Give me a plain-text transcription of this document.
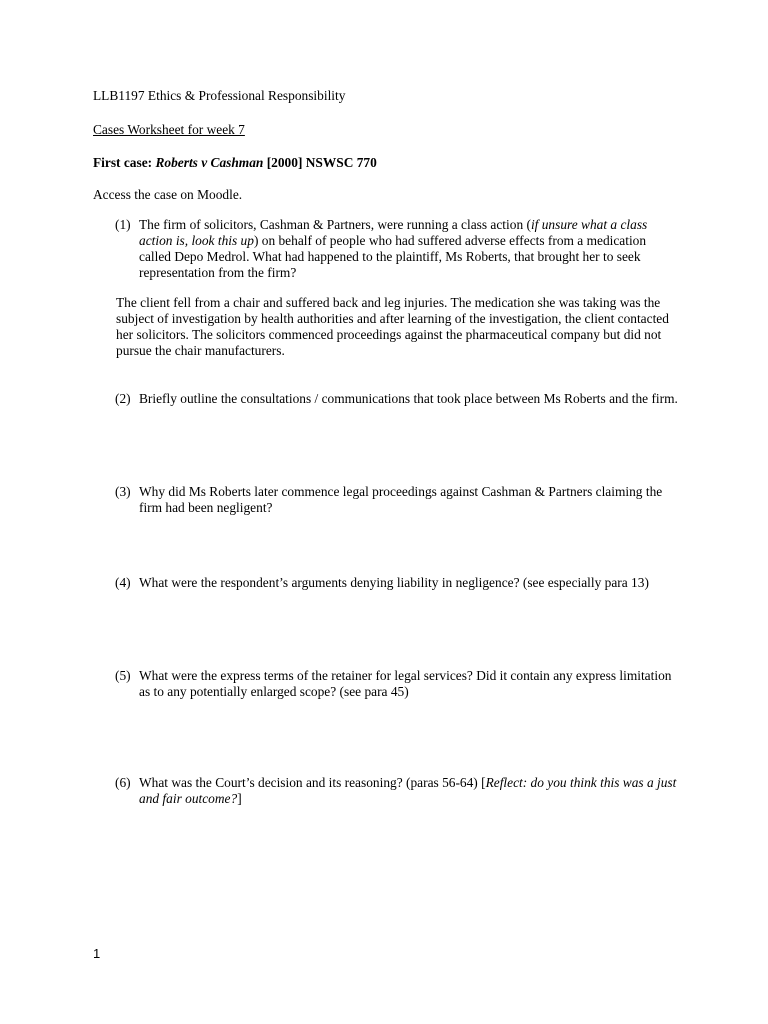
LLB1197 Ethics & Professional Responsibility
Cases Worksheet for week 7
First case: Roberts v Cashman [2000] NSWSC 770
Access the case on Moodle.
(1) The firm of solicitors, Cashman & Partners, were running a class action (if unsure what a class action is, look this up) on behalf of people who had suffered adverse effects from a medication called Depo Medrol. What had happened to the plaintiff, Ms Roberts, that brought her to seek representation from the firm?
The client fell from a chair and suffered back and leg injuries. The medication she was taking was the subject of investigation by health authorities and after learning of the investigation, the client contacted her solicitors. The solicitors commenced proceedings against the pharmaceutical company but did not pursue the chair manufacturers.
(2) Briefly outline the consultations / communications that took place between Ms Roberts and the firm.
(3) Why did Ms Roberts later commence legal proceedings against Cashman & Partners claiming the firm had been negligent?
(4) What were the respondent’s arguments denying liability in negligence? (see especially para 13)
(5) What were the express terms of the retainer for legal services? Did it contain any express limitation as to any potentially enlarged scope? (see para 45)
(6) What was the Court’s decision and its reasoning? (paras 56-64) [Reflect: do you think this was a just and fair outcome?]
1
